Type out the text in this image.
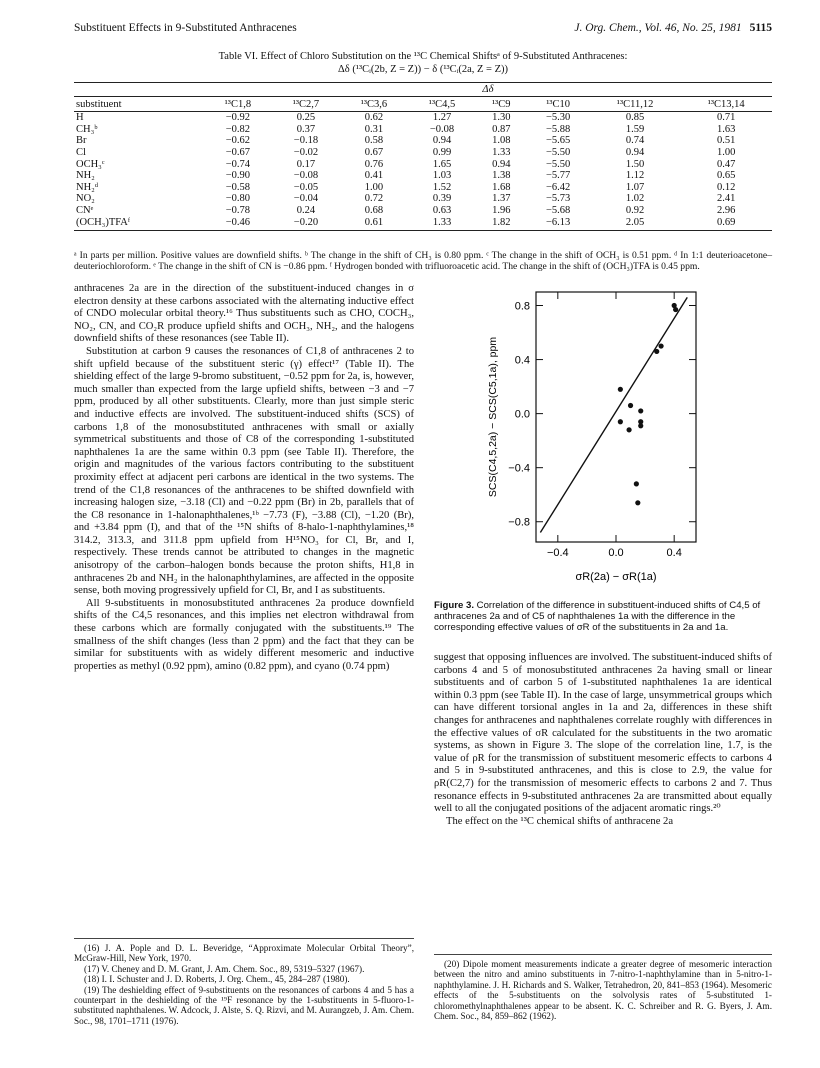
Substituent Effects in 9-Substituted Anthracenes	J. Org. Chem., Vol. 46, No. 25, 1981 5115
Table VI. Effect of Chloro Substitution on the ¹³C Chemical Shiftsᵃ of 9-Substituted Anthracenes:
Δδ (¹³Cᵢ(2b, Z = Z)) − δ (¹³Cᵢ(2a, Z = Z))
	Δδ							
substituent	¹³C1,8	¹³C2,7	¹³C3,6	¹³C4,5	¹³C9	¹³C10	¹³C11,12	¹³C13,14
H	−0.92	0.25	0.62	1.27	1.30	−5.30	0.85	0.71
CH₃ᵇ	−0.82	0.37	0.31	−0.08	0.87	−5.88	1.59	1.63
Br	−0.62	−0.18	0.58	0.94	1.08	−5.65	0.74	0.51
Cl	−0.67	−0.02	0.67	0.99	1.33	−5.50	0.94	1.00
OCH₃ᶜ	−0.74	0.17	0.76	1.65	0.94	−5.50	1.50	0.47
NH₂	−0.90	−0.08	0.41	1.03	1.38	−5.77	1.12	0.65
NH₂ᵈ	−0.58	−0.05	1.00	1.52	1.68	−6.42	1.07	0.12
NO₂	−0.80	−0.04	0.72	0.39	1.37	−5.73	1.02	2.41
CNᵉ	−0.78	0.24	0.68	0.63	1.96	−5.68	0.92	2.96
(OCH₃)TFAᶠ	−0.46	−0.20	0.61	1.33	1.82	−6.13	2.05	0.69
ᵃ In parts per million. Positive values are downfield shifts. ᵇ The change in the shift of CH₃ is 0.80 ppm. ᶜ The change in the shift of OCH₃ is 0.51 ppm. ᵈ In 1:1 deuterioacetone–deuteriochloroform. ᵉ The change in the shift of CN is −0.86 ppm. ᶠ Hydrogen bonded with trifluoroacetic acid. The change in the shift of (OCH₃)TFA is 0.45 ppm.

anthracenes 2a are in the direction of the substituent-induced changes in σ electron density at these carbons associated with the alternating inductive effect of CNDO molecular orbital theory.¹⁶ Thus substituents such as CHO, COCH₃, NO₂, CN, and CO₂R produce upfield shifts and OCH₃, NH₂, and the halogens downfield shifts of these resonances (see Table II).

Substitution at carbon 9 causes the resonances of C1,8 of anthracenes 2 to shift upfield because of the substituent steric (γ) effect¹⁷ (Table II). The shielding effect of the large 9-bromo substituent, −0.52 ppm for 2a, is, however, much smaller than expected from the large upfield shifts, between −3 and −7 ppm, produced by all other substituents. Clearly, more than just simple steric and inductive effects are involved. The substituent-induced shifts (SCS) of carbons 1,8 of the monosubstituted anthracenes with small or axially symmetrical substituents and those of C8 of the corresponding 1-substituted naphthalenes 1a are the same within 0.3 ppm (see Table II). Therefore, the origin and magnitudes of the various factors contributing to the substituent proximity effect at adjacent peri carbons are identical in the two systems. The trend of the C1,8 resonances of the anthracenes to be shifted downfield with increasing halogen size, −3.18 (Cl) and −0.22 ppm (Br) in 2b, parallels that of the C8 resonance in 1-halonaphthalenes,¹ᵇ −7.73 (F), −3.88 (Cl), −1.20 (Br), and +3.84 ppm (I), and that of the ¹⁵N shifts of 8-halo-1-naphthylamines,¹⁸ 314.2, 313.3, and 311.8 ppm upfield from H¹⁵NO₃ for Cl, Br, and I, respectively. These trends cannot be attributed to changes in the magnetic anisotropy of the carbon–halogen bonds because the proton shifts, H1,8 in anthracenes 2b and NH₂ in the halonaphthylamines, are affected in the opposite sense, both moving progressively upfield for Cl, Br, and I as substituents.

All 9-substituents in monosubstituted anthracenes 2a produce downfield shifts of the C4,5 resonances, and this implies net electron withdrawal from these carbons which are formally conjugated with the substituents.¹⁹ The smallness of the shift changes (less than 2 ppm) and the fact that they can be similar for substituents with as widely different mesomeric and inductive properties as methyl (0.92 ppm), amino (0.82 ppm), and cyano (0.74 ppm)

(16) J. A. Pople and D. L. Beveridge, “Approximate Molecular Orbital Theory”, McGraw-Hill, New York, 1970.

(17) V. Cheney and D. M. Grant, J. Am. Chem. Soc., 89, 5319–5327 (1967).

(18) I. I. Schuster and J. D. Roberts, J. Org. Chem., 45, 284–287 (1980).

(19) The deshielding effect of 9-substituents on the resonances of carbons 4 and 5 has a counterpart in the deshielding of the ¹⁹F resonance by the 1-substituents in 5-fluoro-1-substituted naphthalenes. W. Adcock, J. Alste, S. Q. Rizvi, and M. Aurangzeb, J. Am. Chem. Soc., 98, 1701–1711 (1976).

0.8
0.4
0.0
−0.4
−0.8
−0.4	0.0	0.4
SCS(C4,5,2a) − SCS(C5,1a), ppm
σR(2a) − σR(1a)
Figure 3. Correlation of the difference in substituent-induced shifts of C4,5 of anthracenes 2a and of C5 of naphthalenes 1a with the difference in the corresponding effective values of σR of the substituents in 2a and 1a.

suggest that opposing influences are involved. The substituent-induced shifts of carbons 4 and 5 of monosubstituted anthracenes 2a having small or linear substituents and of carbon 5 of 1-substituted naphthalenes 1a are identical within 0.3 ppm (see Table II). In the case of large, unsymmetrical groups which can have different torsional angles in 1a and 2a, differences in these shift changes for anthracenes and naphthalenes correlate roughly with differences in the effective values of σR calculated for the substituents in the two aromatic systems, as shown in Figure 3. The slope of the correlation line, 1.7, is the value of ρR for the transmission of substituent mesomeric effects to carbons 4 and 5 in 9-substituted anthracenes, and this is close to 2.9, the value for ρR(C2,7) for the transmission of mesomeric effects to carbons 2 and 7. Thus resonance effects in 9-substituted anthracenes 2a are transmitted about equally well to all the conjugated positions of the adjacent aromatic rings.²⁰

The effect on the ¹³C chemical shifts of anthracene 2a

(20) Dipole moment measurements indicate a greater degree of mesomeric interaction between the nitro and amino substituents in 7-nitro-1-naphthylamine than in 5-nitro-1-naphthylamine. J. H. Richards and S. Walker, Tetrahedron, 20, 841–853 (1964). Mesomeric effects of the 5-substituents on the solvolysis rates of 5-substituted 1-chloromethylnaphthalenes appear to be absent. K. C. Schreiber and R. G. Byers, J. Am. Chem. Soc., 84, 859–862 (1962).
